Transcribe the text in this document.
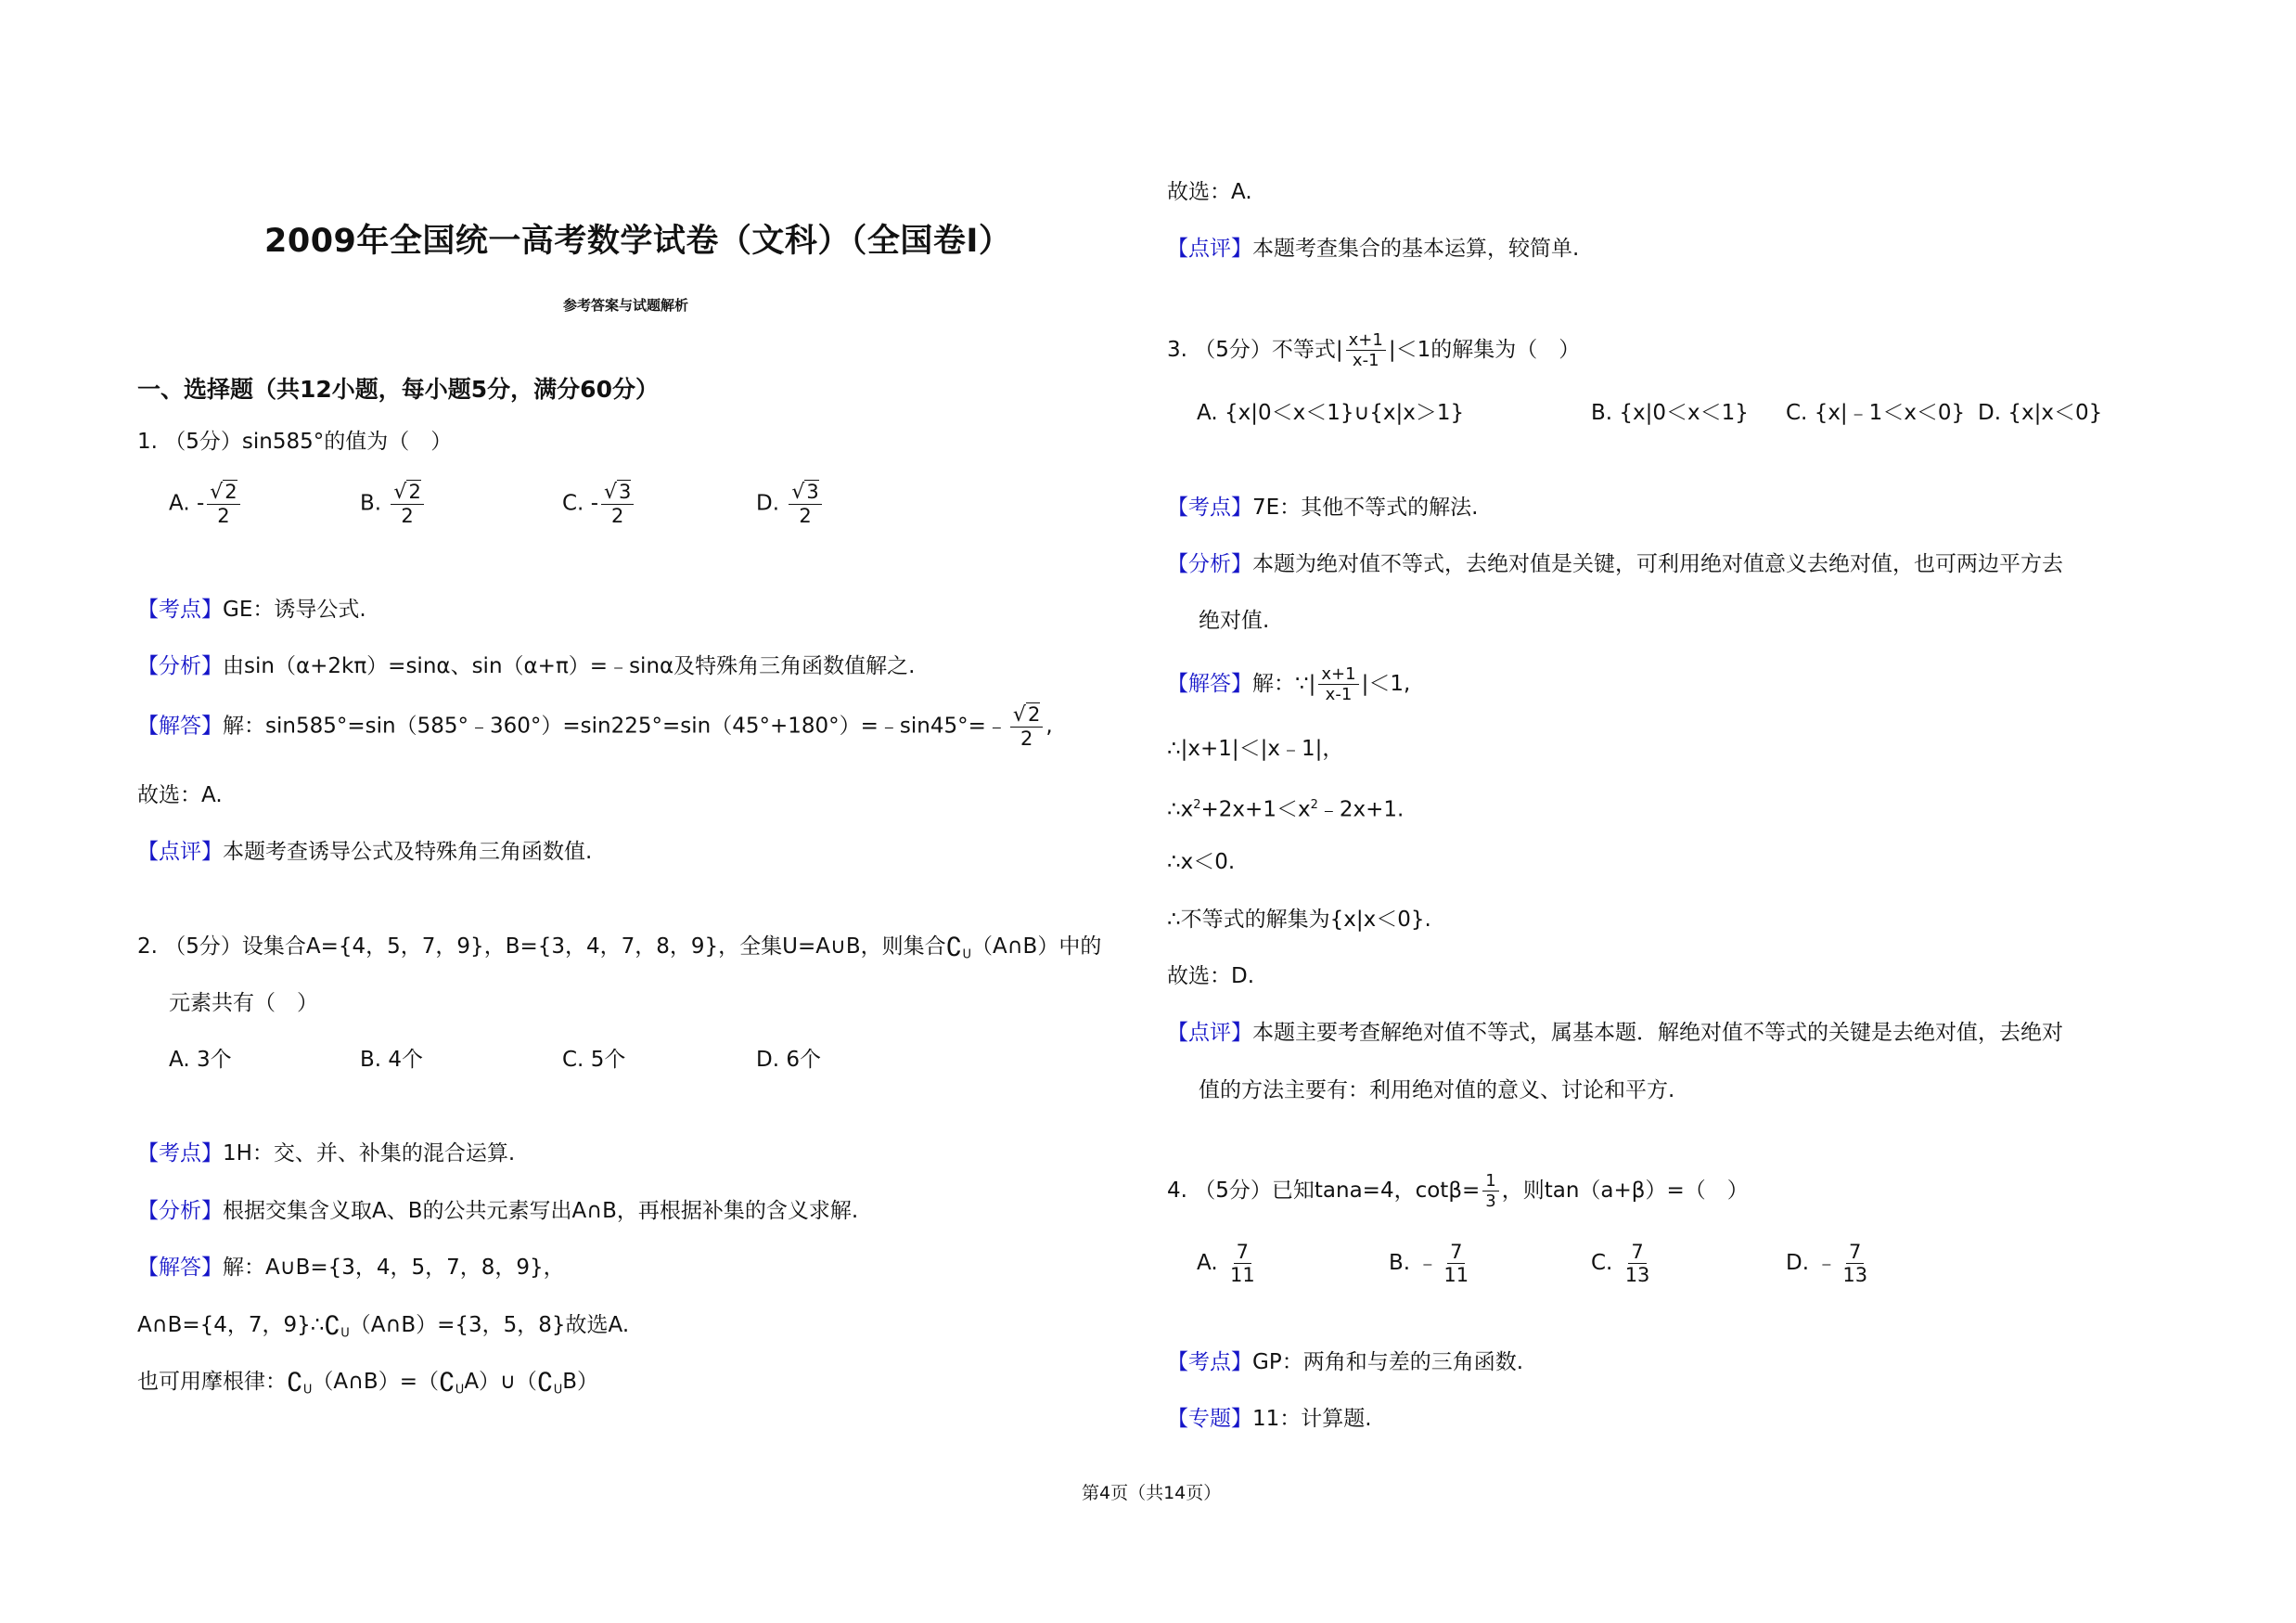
2009年全国统一高考数学试卷（文科）（全国卷I）
参考答案与试题解析
一、选择题（共12小题，每小题5分，满分60分）
1. （5分）sin585°的值为（　）
A. - $\frac{√2}{2}$	B. $\frac{√2}{2}$	C. - $\frac{√3}{2}$	D. $\frac{√3}{2}$
【考点】GE：诱导公式.
【分析】由sin（α+2kπ）=sinα、sin（α+π）=﹣sinα及特殊角三角函数值解之.
【解答】解：sin585°=sin（585°﹣360°）=sin225°=sin（45°+180°）=﹣sin45°=﹣ $\frac{√2}{2}$ ,
故选：A.
【点评】本题考查诱导公式及特殊角三角函数值.
2. （5分）设集合A={4，5，7，9}，B={3，4，7，8，9}，全集U=A∪B，则集合$∁_U(A\cap B)$中的
元素共有（　）
A. 3个	B. 4个	C. 5个	D. 6个
【考点】1H：交、并、补集的混合运算.
【分析】根据交集含义取A、B的公共元素写出A∩B，再根据补集的含义求解.
【解答】解：A∪B={3，4，5，7，8，9}，
A∩B={4，7，$9\}\therefore∁_U(A\cap B)=\{3$，5，8}故选A.
也可用摩根律：$∁_U(A\cap B)=(∁_UA)\cup(∁_UB)$
故选：A.
【点评】本题考查集合的基本运算，较简单.
3. （5分）不等式| $\frac{x+1}{x-1} |<1$的解集为（　）
A. {x|0＜x＜1}∪{x|x＞1}	B. {x|0＜x＜1} C. {x|﹣1＜x＜0} D. {x|x＜0}
【考点】7E：其他不等式的解法.
【分析】本题为绝对值不等式，去绝对值是关键，可利用绝对值意义去绝对值，也可两边平方去
绝对值.
【解答】解：∵| $\frac{x+1}{x-1} |<1$,
∴|x+1|＜|x﹣1|，
$\therefore x^2+2x+1<x^2﹣2x+1$.
∴x＜0.
∴不等式的解集为{x|x＜0}.
故选：D.
【点评】本题主要考查解绝对值不等式，属基本题．解绝对值不等式的关键是去绝对值，去绝对
值的方法主要有：利用绝对值的意义、讨论和平方.
4. （5分）已知tana=4，$\cot\beta= \frac{1}{3}$ ，则tan（a+β）=（　）
A. $\frac{7}{11}$	B. ﹣ $\frac{7}{11}$	C. $\frac{7}{13}$	D. ﹣ $\frac{7}{13}$
【考点】GP：两角和与差的三角函数.
【专题】11：计算题.
第4页（共14页）
